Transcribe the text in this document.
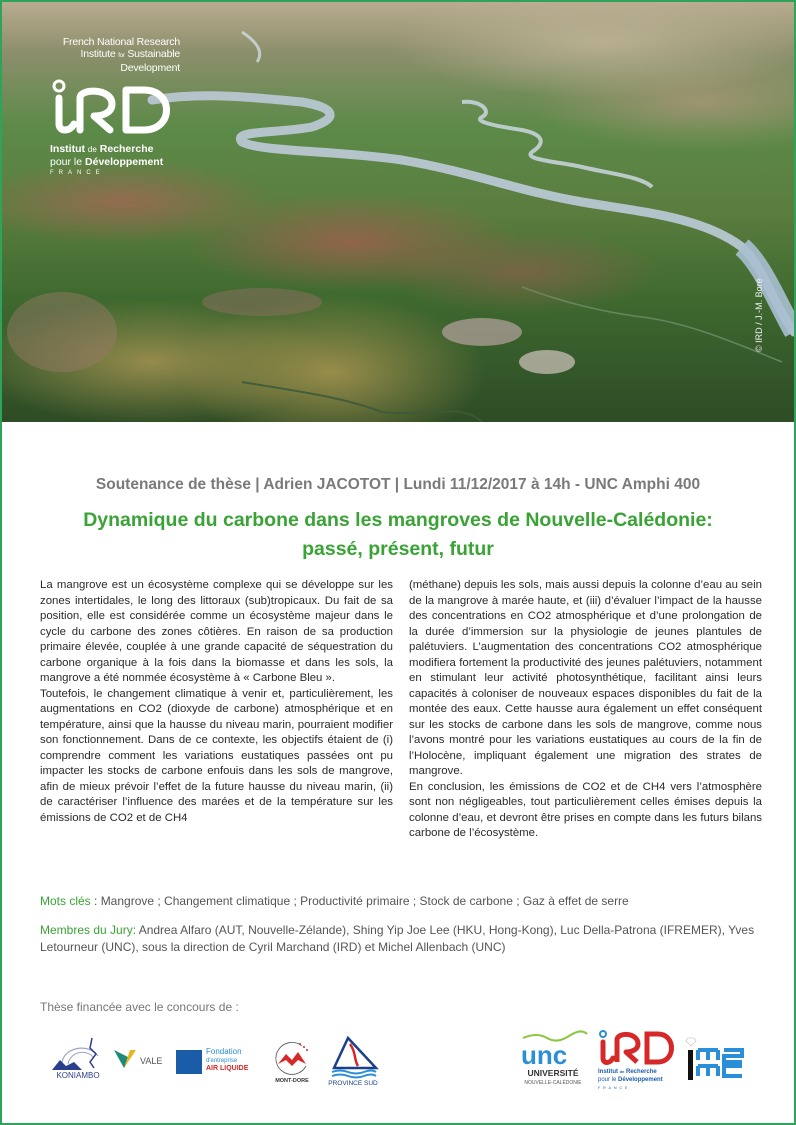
French National Research
Institute for Sustainable
Development
Institut de Recherche
pour le Développement
FRANCE
© IRD / J.-M. Boré
Soutenance de thèse | Adrien JACOTOT | Lundi 11/12/2017 à 14h - UNC Amphi 400
Dynamique du carbone dans les mangroves de Nouvelle-Calédonie:
passé, présent, futur

La mangrove est un écosystème complexe qui se développe sur les zones intertidales, le long des littoraux (sub)tropicaux. Du fait de sa position, elle est considérée comme un écosystème majeur dans le cycle du carbone des zones côtières. En raison de sa production primaire élevée, couplée à une grande capacité de séquestration du carbone organique à la fois dans la biomasse et dans les sols, la mangrove a été nommée écosystème à « Carbone Bleu ».

Toutefois, le changement climatique à venir et, particulièrement, les augmentations en CO2 (dioxyde de carbone) atmosphérique et en température, ainsi que la hausse du niveau marin, pourraient modifier son fonctionnement. Dans de ce contexte, les objectifs étaient de (i) comprendre comment les variations eustatiques passées ont pu impacter les stocks de carbone enfouis dans les sols de mangrove, afin de mieux prévoir l’effet de la future hausse du niveau marin, (ii) de caractériser l’influence des marées et de la température sur les émissions de CO2 et de CH4

(méthane) depuis les sols, mais aussi depuis la colonne d’eau au sein de la mangrove à marée haute, et (iii) d’évaluer l’impact de la hausse des concentrations en CO2 atmosphérique et d’une prolongation de la durée d’immersion sur la physiologie de jeunes plantules de palétuviers. L’augmentation des concentrations CO2 atmosphérique modifiera fortement la productivité des jeunes palétuviers, notamment en stimulant leur activité photosynthétique, facilitant ainsi leurs capacités à coloniser de nouveaux espaces disponibles du fait de la montée des eaux. Cette hausse aura également un effet conséquent sur les stocks de carbone dans les sols de mangrove, comme nous l’avons montré pour les variations eustatiques au cours de la fin de l’Holocène, impliquant également une migration des strates de mangrove.

En conclusion, les émissions de CO2 et de CH4 vers l’atmosphère sont non négligeables, tout particulièrement celles émises depuis la colonne d’eau, et devront être prises en compte dans les futurs bilans carbone de l’écosystème.

Mots clés : Mangrove ; Changement climatique ; Productivité primaire ; Stock de carbone ; Gaz à effet de serre
Membres du Jury: Andrea Alfaro (AUT, Nouvelle-Zélande), Shing Yip Joe Lee (HKU, Hong-Kong), Luc Della-Patrona (IFREMER), Yves Letourneur (UNC), sous la direction de Cyril Marchand (IRD) et Michel Allenbach (UNC)
Thèse financée avec le concours de :
KONIAMBO
VALE
Fondation
d'entreprise
AIR LIQUIDE
MONT-DORE	PROVINCE SUD
unc
UNIVERSITÉ
NOUVELLE-CALÉDONIE
Institut de Recherche
pour le Développement
FRANCE
